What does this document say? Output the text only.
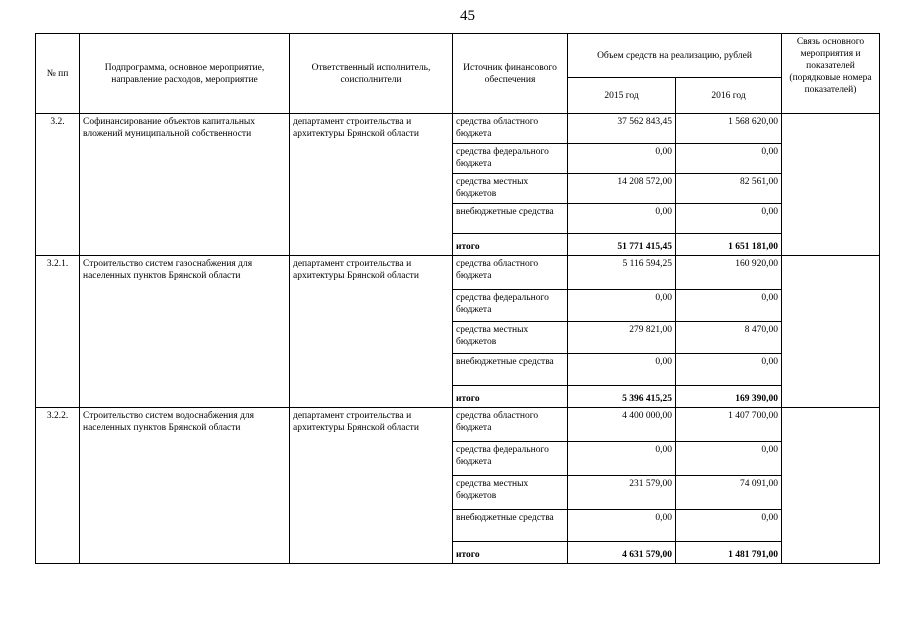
45
№ пп	Подпрограмма, основное мероприятие, направление расходов, мероприятие	Ответственный исполнитель, соисполнители	Источник финансового обеспечения	Объем средств на реализацию, рублей		Связь основного мероприятия и показателей (порядковые номера показателей)
				2015 год	2016 год	
3.2.	Софинансирование объектов капитальных вложений муниципальной собственности	департамент строительства и архитектуры Брянской области	средства областного бюджета	37 562 843,45	1 568 620,00	
			средства федерального бюджета	0,00	0,00	
			средства местных бюджетов	14 208 572,00	82 561,00	
			внебюджетные средства	0,00	0,00	
			итого	51 771 415,45	1 651 181,00	
3.2.1.	Строительство систем газоснабжения для населенных пунктов Брянской области	департамент строительства и архитектуры Брянской области	средства областного бюджета	5 116 594,25	160 920,00	
			средства федерального бюджета	0,00	0,00	
			средства местных бюджетов	279 821,00	8 470,00	
			внебюджетные средства	0,00	0,00	
			итого	5 396 415,25	169 390,00	
3.2.2.	Строительство систем водоснабжения для населенных пунктов Брянской области	департамент строительства и архитектуры Брянской области	средства областного бюджета	4 400 000,00	1 407 700,00	
			средства федерального бюджета	0,00	0,00	
			средства местных бюджетов	231 579,00	74 091,00	
			внебюджетные средства	0,00	0,00	
			итого	4 631 579,00	1 481 791,00	
